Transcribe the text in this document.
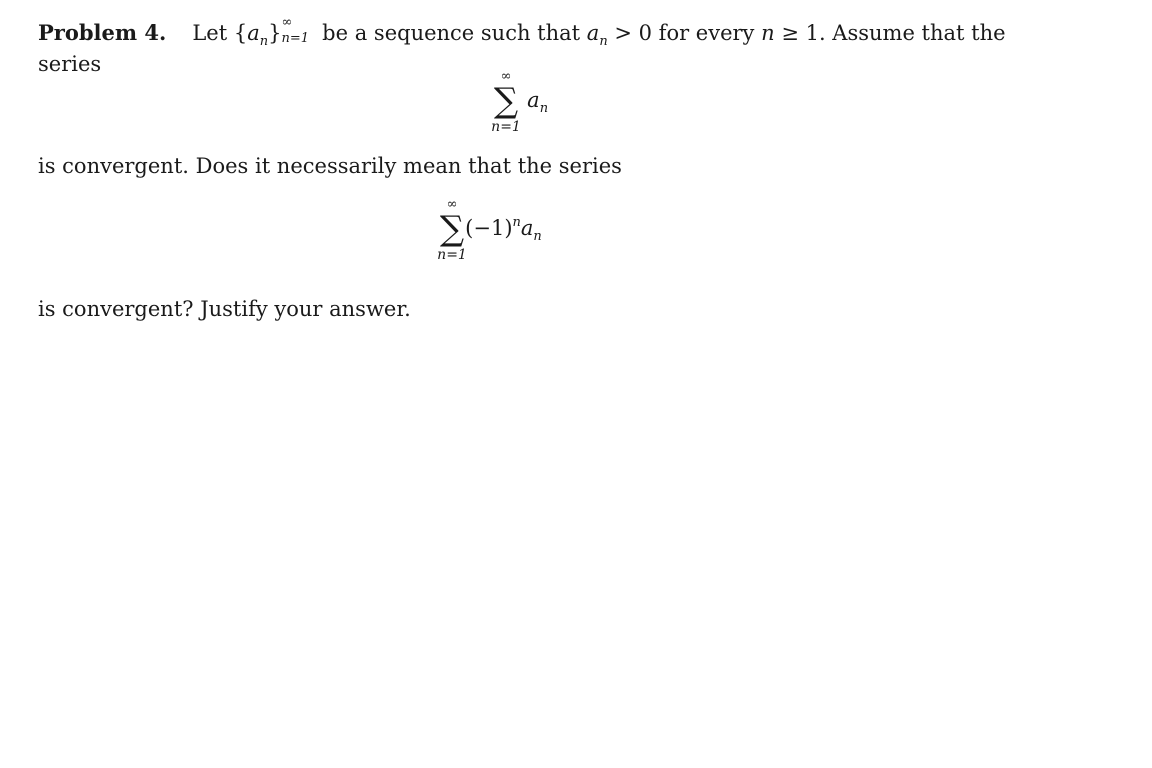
Problem 4. Let $\{a_n\}$ ∞
n=1 be a sequence such that $a_n > 0$ for every n ≥ 1. Assume that the
series
is convergent. Does it necessarily mean that the series
is convergent? Justify your answer.
∞
∑
n=1
$a_n$
∞
∑
n=1
$(-1)^na_n$
